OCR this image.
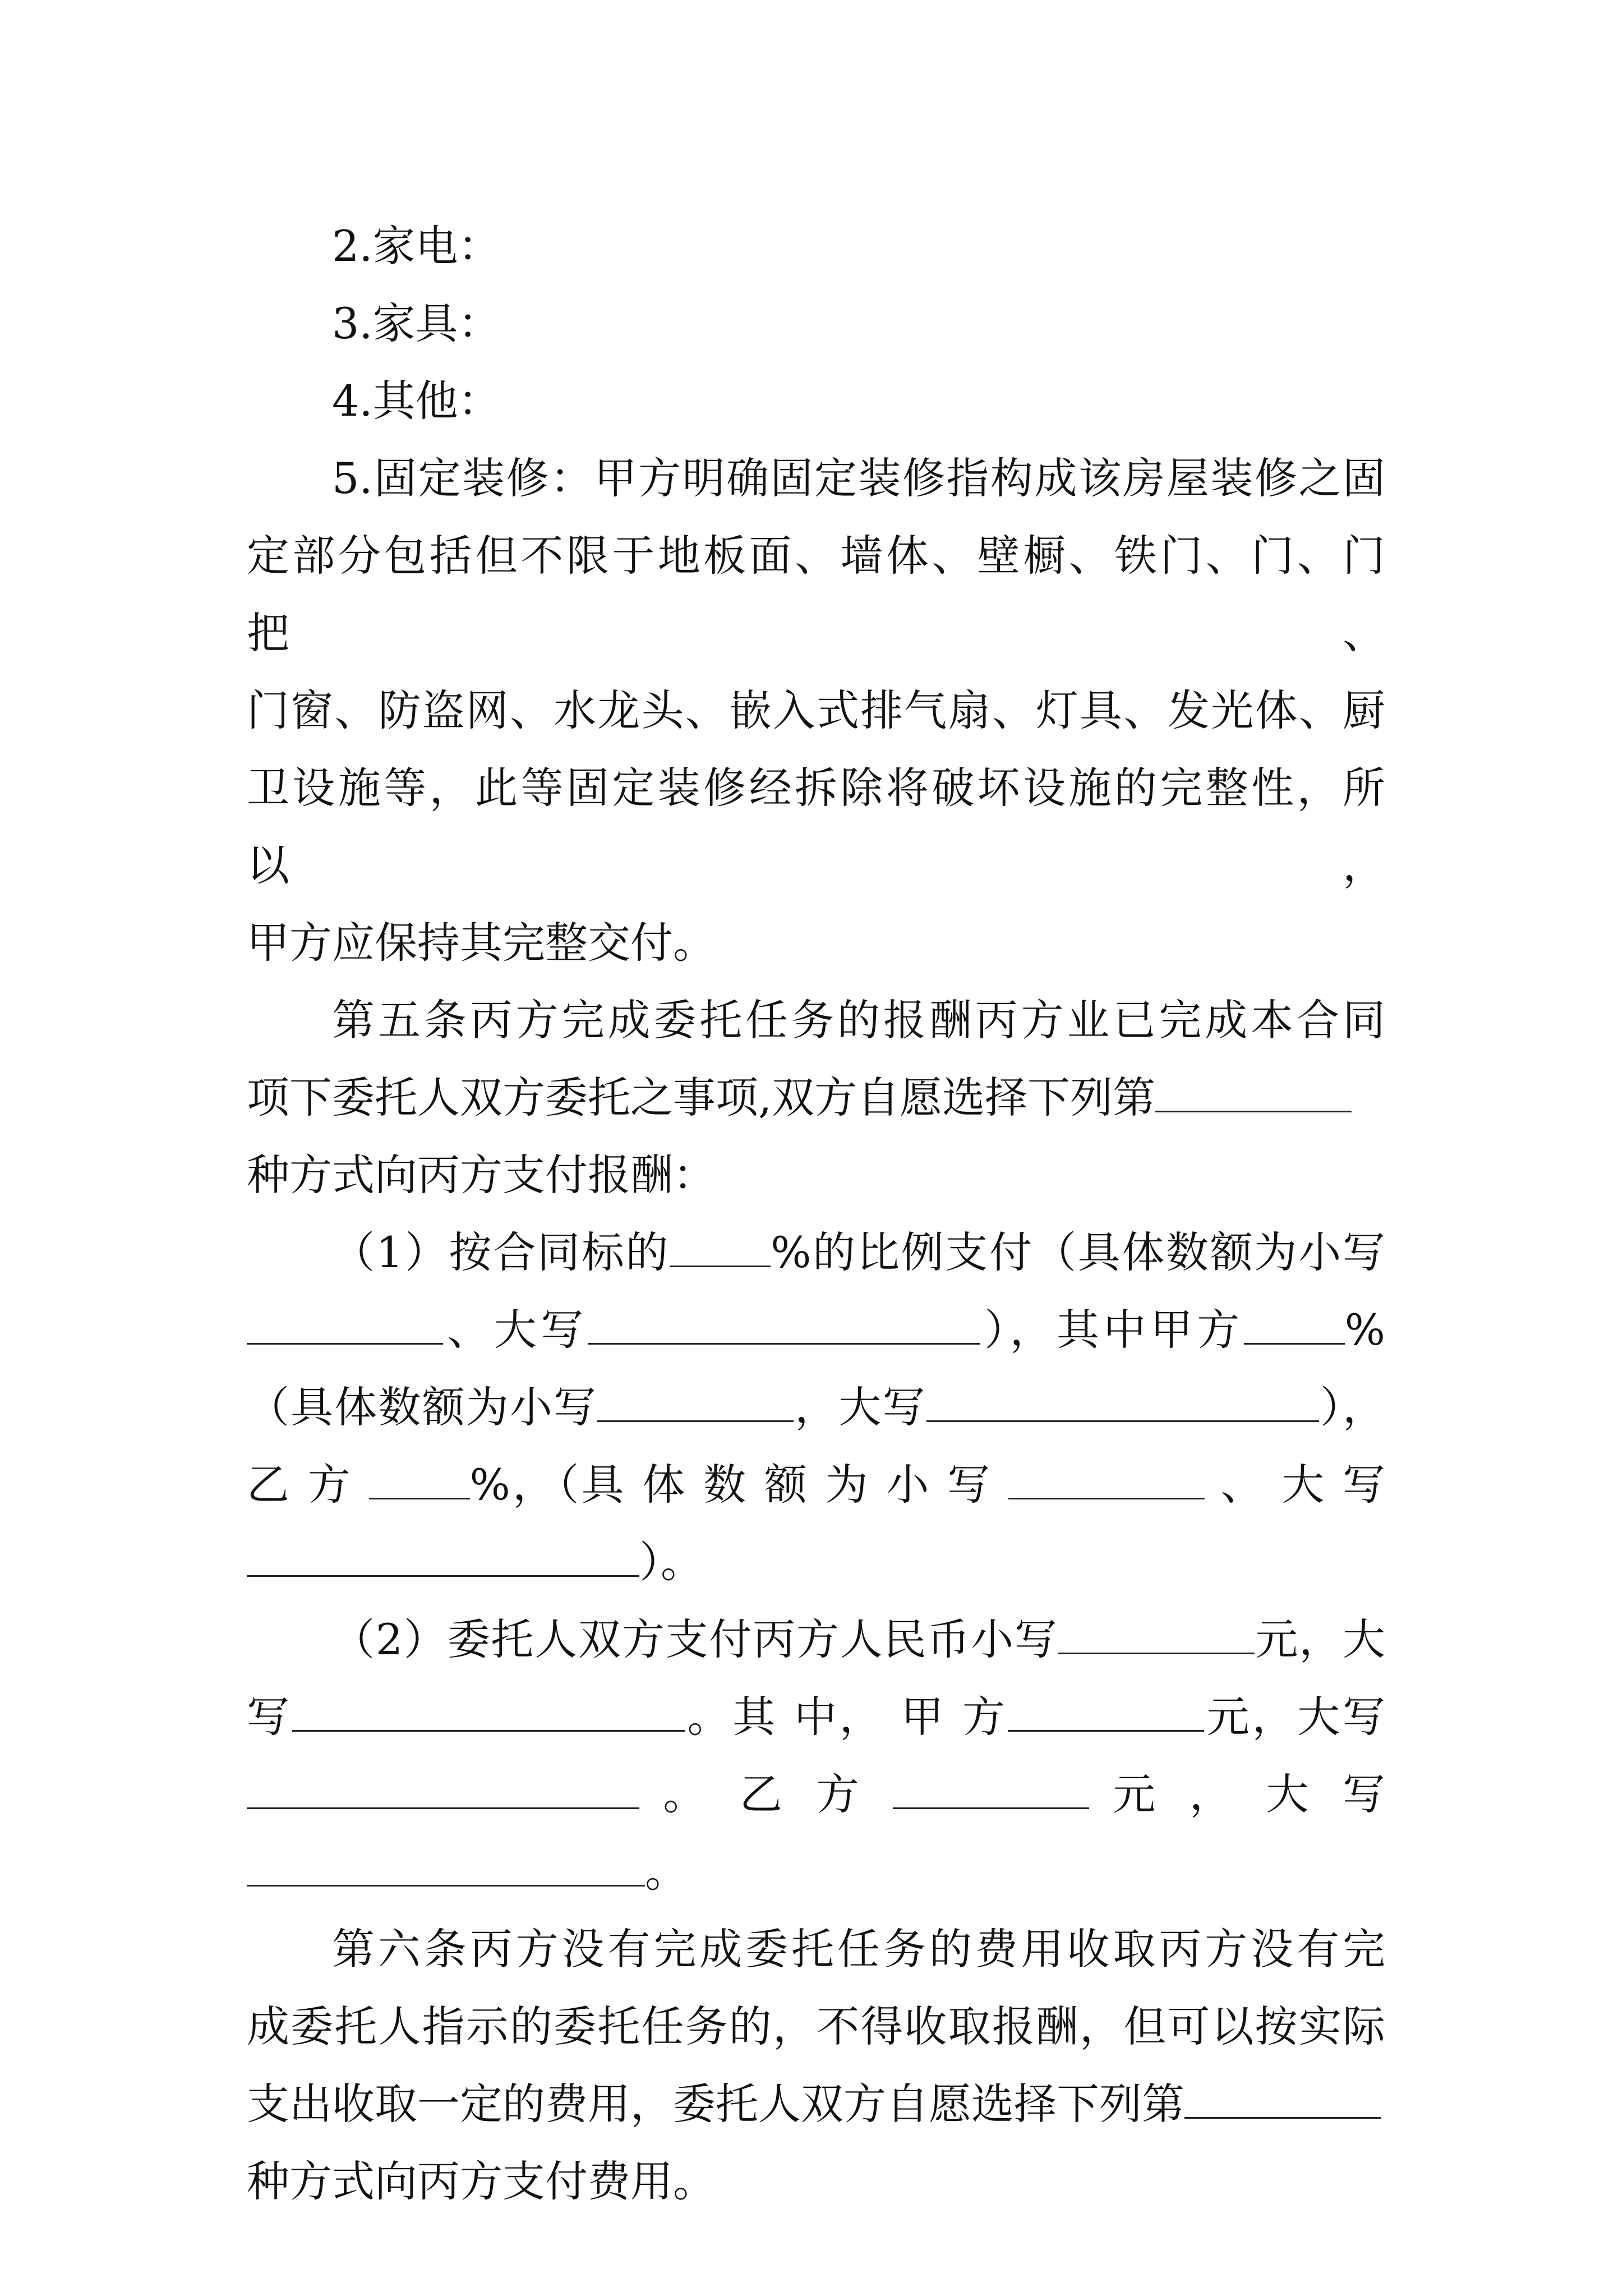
2.家电：

3.家具：

4.其他：

5.固定装修：甲方明确固定装修指构成该房屋装修之固

定部分包括但不限于地板面、墙体、壁橱、铁门、门、门把、

门窗、防盗网、水龙头、嵌入式排气扇、灯具、发光体、厨

卫设施等，此等固定装修经拆除将破坏设施的完整性，所以，

甲方应保持其完整交付。

第五条丙方完成委托任务的报酬丙方业已完成本合同

项下委托人双方委托之事项,双方自愿选择下列第

种方式向丙方支付报酬：

（1）按合同标的 %的比例支付（具体数额为小写

、大写	），其中甲方 %

（具体数额为小写	，大写	），

乙 方	%，（具 体 数 额 为 小 写	、 大 写

）。

（2）委托人双方支付丙方人民币小写	元，大

写	。其 中， 甲 方	元，大写

。 乙 方	元 ， 大 写

。

第六条丙方没有完成委托任务的费用收取丙方没有完

成委托人指示的委托任务的，不得收取报酬，但可以按实际

支出收取一定的费用，委托人双方自愿选择下列第

种方式向丙方支付费用。
